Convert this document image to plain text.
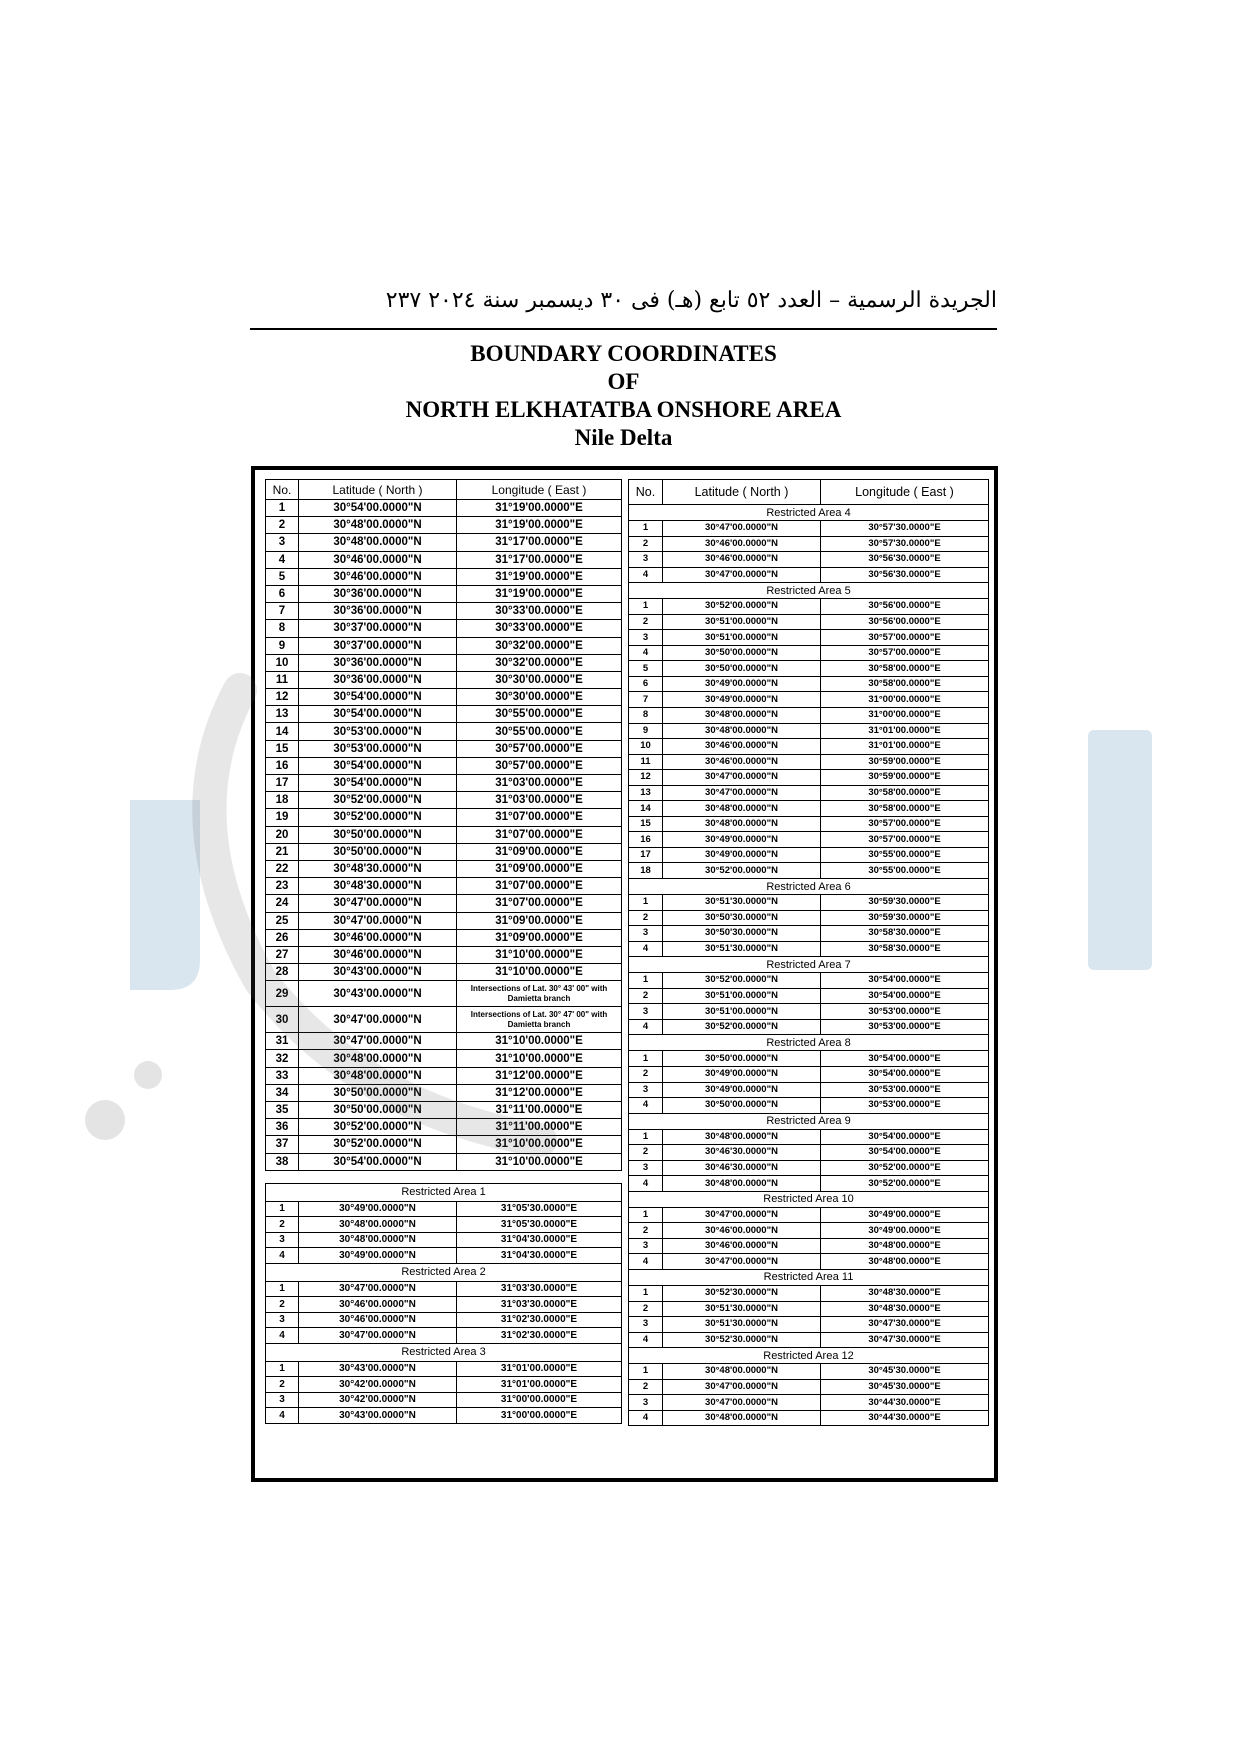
الجريدة الرسمية – العدد ٥٢ تابع (هـ) فى ٣٠ ديسمبر سنة ٢٠٢٤ ٢٣٧
BOUNDARY COORDINATES
OF
NORTH ELKHATATBA ONSHORE AREA
Nile Delta
No.	Latitude ( North )	Longitude ( East )
1	30°54'00.0000"N	31°19'00.0000"E
2	30°48'00.0000"N	31°19'00.0000"E
3	30°48'00.0000"N	31°17'00.0000"E
4	30°46'00.0000"N	31°17'00.0000"E
5	30°46'00.0000"N	31°19'00.0000"E
6	30°36'00.0000"N	31°19'00.0000"E
7	30°36'00.0000"N	30°33'00.0000"E
8	30°37'00.0000"N	30°33'00.0000"E
9	30°37'00.0000"N	30°32'00.0000"E
10	30°36'00.0000"N	30°32'00.0000"E
11	30°36'00.0000"N	30°30'00.0000"E
12	30°54'00.0000"N	30°30'00.0000"E
13	30°54'00.0000"N	30°55'00.0000"E
14	30°53'00.0000"N	30°55'00.0000"E
15	30°53'00.0000"N	30°57'00.0000"E
16	30°54'00.0000"N	30°57'00.0000"E
17	30°54'00.0000"N	31°03'00.0000"E
18	30°52'00.0000"N	31°03'00.0000"E
19	30°52'00.0000"N	31°07'00.0000"E
20	30°50'00.0000"N	31°07'00.0000"E
21	30°50'00.0000"N	31°09'00.0000"E
22	30°48'30.0000"N	31°09'00.0000"E
23	30°48'30.0000"N	31°07'00.0000"E
24	30°47'00.0000"N	31°07'00.0000"E
25	30°47'00.0000"N	31°09'00.0000"E
26	30°46'00.0000"N	31°09'00.0000"E
27	30°46'00.0000"N	31°10'00.0000"E
28	30°43'00.0000"N	31°10'00.0000"E
29	30°43'00.0000"N	Intersections of Lat. 30° 43' 00" with Damietta branch
30	30°47'00.0000"N	Intersections of Lat. 30° 47' 00" with Damietta branch
31	30°47'00.0000"N	31°10'00.0000"E
32	30°48'00.0000"N	31°10'00.0000"E
33	30°48'00.0000"N	31°12'00.0000"E
34	30°50'00.0000"N	31°12'00.0000"E
35	30°50'00.0000"N	31°11'00.0000"E
36	30°52'00.0000"N	31°11'00.0000"E
37	30°52'00.0000"N	31°10'00.0000"E
38	30°54'00.0000"N	31°10'00.0000"E
Restricted Area 1		
1	30°49'00.0000"N	31°05'30.0000"E
2	30°48'00.0000"N	31°05'30.0000"E
3	30°48'00.0000"N	31°04'30.0000"E
4	30°49'00.0000"N	31°04'30.0000"E
Restricted Area 2		
1	30°47'00.0000"N	31°03'30.0000"E
2	30°46'00.0000"N	31°03'30.0000"E
3	30°46'00.0000"N	31°02'30.0000"E
4	30°47'00.0000"N	31°02'30.0000"E
Restricted Area 3		
1	30°43'00.0000"N	31°01'00.0000"E
2	30°42'00.0000"N	31°01'00.0000"E
3	30°42'00.0000"N	31°00'00.0000"E
4	30°43'00.0000"N	31°00'00.0000"E
No.	Latitude ( North )	Longitude ( East )
Restricted Area 4		
1	30°47'00.0000"N	30°57'30.0000"E
2	30°46'00.0000"N	30°57'30.0000"E
3	30°46'00.0000"N	30°56'30.0000"E
4	30°47'00.0000"N	30°56'30.0000"E
Restricted Area 5		
1	30°52'00.0000"N	30°56'00.0000"E
2	30°51'00.0000"N	30°56'00.0000"E
3	30°51'00.0000"N	30°57'00.0000"E
4	30°50'00.0000"N	30°57'00.0000"E
5	30°50'00.0000"N	30°58'00.0000"E
6	30°49'00.0000"N	30°58'00.0000"E
7	30°49'00.0000"N	31°00'00.0000"E
8	30°48'00.0000"N	31°00'00.0000"E
9	30°48'00.0000"N	31°01'00.0000"E
10	30°46'00.0000"N	31°01'00.0000"E
11	30°46'00.0000"N	30°59'00.0000"E
12	30°47'00.0000"N	30°59'00.0000"E
13	30°47'00.0000"N	30°58'00.0000"E
14	30°48'00.0000"N	30°58'00.0000"E
15	30°48'00.0000"N	30°57'00.0000"E
16	30°49'00.0000"N	30°57'00.0000"E
17	30°49'00.0000"N	30°55'00.0000"E
18	30°52'00.0000"N	30°55'00.0000"E
Restricted Area 6		
1	30°51'30.0000"N	30°59'30.0000"E
2	30°50'30.0000"N	30°59'30.0000"E
3	30°50'30.0000"N	30°58'30.0000"E
4	30°51'30.0000"N	30°58'30.0000"E
Restricted Area 7		
1	30°52'00.0000"N	30°54'00.0000"E
2	30°51'00.0000"N	30°54'00.0000"E
3	30°51'00.0000"N	30°53'00.0000"E
4	30°52'00.0000"N	30°53'00.0000"E
Restricted Area 8		
1	30°50'00.0000"N	30°54'00.0000"E
2	30°49'00.0000"N	30°54'00.0000"E
3	30°49'00.0000"N	30°53'00.0000"E
4	30°50'00.0000"N	30°53'00.0000"E
Restricted Area 9		
1	30°48'00.0000"N	30°54'00.0000"E
2	30°46'30.0000"N	30°54'00.0000"E
3	30°46'30.0000"N	30°52'00.0000"E
4	30°48'00.0000"N	30°52'00.0000"E
Restricted Area 10		
1	30°47'00.0000"N	30°49'00.0000"E
2	30°46'00.0000"N	30°49'00.0000"E
3	30°46'00.0000"N	30°48'00.0000"E
4	30°47'00.0000"N	30°48'00.0000"E
Restricted Area 11		
1	30°52'30.0000"N	30°48'30.0000"E
2	30°51'30.0000"N	30°48'30.0000"E
3	30°51'30.0000"N	30°47'30.0000"E
4	30°52'30.0000"N	30°47'30.0000"E
Restricted Area 12		
1	30°48'00.0000"N	30°45'30.0000"E
2	30°47'00.0000"N	30°45'30.0000"E
3	30°47'00.0000"N	30°44'30.0000"E
4	30°48'00.0000"N	30°44'30.0000"E
